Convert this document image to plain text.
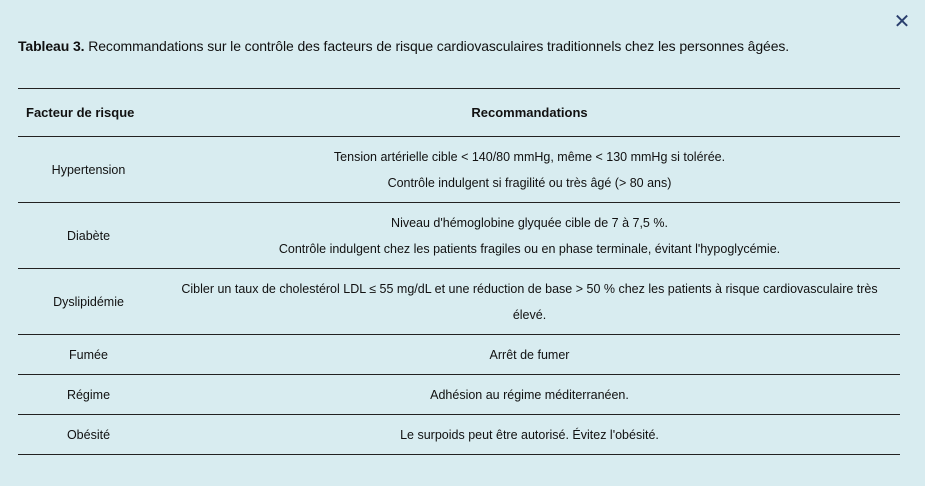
✕
Tableau 3. Recommandations sur le contrôle des facteurs de risque cardiovasculaires traditionnels chez les personnes âgées.
Facteur de risque	Recommandations
Hypertension	Tension artérielle cible < 140/80 mmHg, même < 130 mmHg si tolérée.
Contrôle indulgent si fragilité ou très âgé (> 80 ans)

Diabète	Niveau d'hémoglobine glyquée cible de 7 à 7,5 %.
Contrôle indulgent chez les patients fragiles ou en phase terminale, évitant l'hypoglycémie.

Dyslipidémie	Cibler un taux de cholestérol LDL ≤ 55 mg/dL et une réduction de base > 50 % chez les patients à risque cardiovasculaire très
élevé.

Fumée	Arrêt de fumer

Régime	Adhésion au régime méditerranéen.

Obésité	Le surpoids peut être autorisé. Évitez l'obésité.
